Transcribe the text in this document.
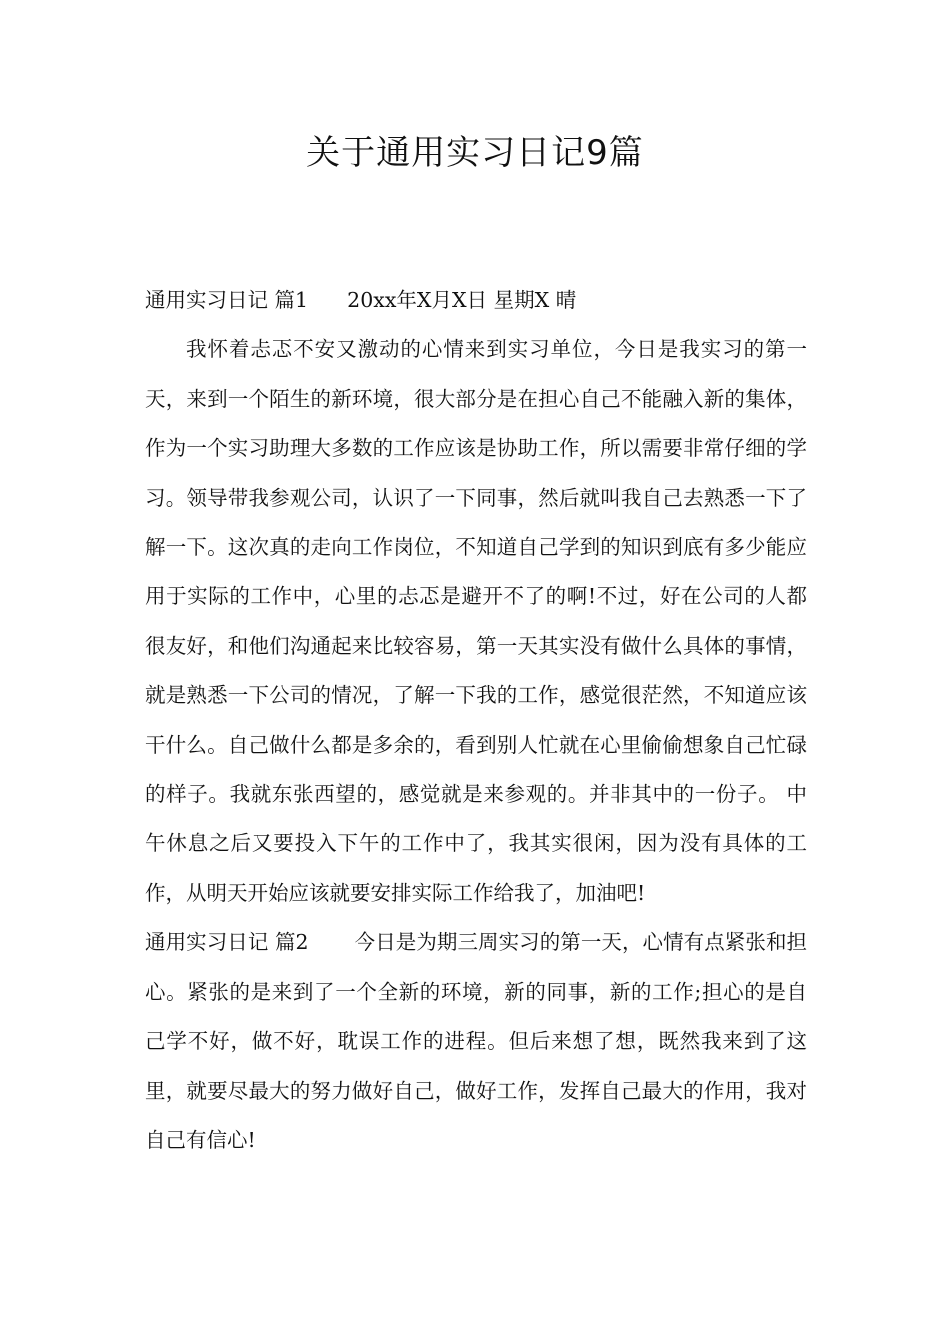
关于通用实习日记9篇

通用实习日记 篇1 20xx年X月X日 星期X 晴

我怀着忐忑不安又激动的心情来到实习单位，今日是我实习的第一天，来到一个陌生的新环境，很大部分是在担心自己不能融入新的集体，作为一个实习助理大多数的工作应该是协助工作，所以需要非常仔细的学习。领导带我参观公司，认识了一下同事，然后就叫我自己去熟悉一下了解一下。这次真的走向工作岗位，不知道自己学到的知识到底有多少能应用于实际的工作中，心里的忐忑是避开不了的啊!不过，好在公司的人都很友好，和他们沟通起来比较容易，第一天其实没有做什么具体的事情，就是熟悉一下公司的情况，了解一下我的工作，感觉很茫然，不知道应该干什么。自己做什么都是多余的，看到别人忙就在心里偷偷想象自己忙碌的样子。我就东张西望的，感觉就是来参观的。并非其中的一份子。 中午休息之后又要投入下午的工作中了，我其实很闲，因为没有具体的工作，从明天开始应该就要安排实际工作给我了，加油吧!

通用实习日记 篇2 今日是为期三周实习的第一天，心情有点紧张和担心。紧张的是来到了一个全新的环境，新的同事，新的工作;担心的是自己学不好，做不好，耽误工作的进程。但后来想了想，既然我来到了这里，就要尽最大的努力做好自己，做好工作，发挥自己最大的作用，我对自己有信心!
